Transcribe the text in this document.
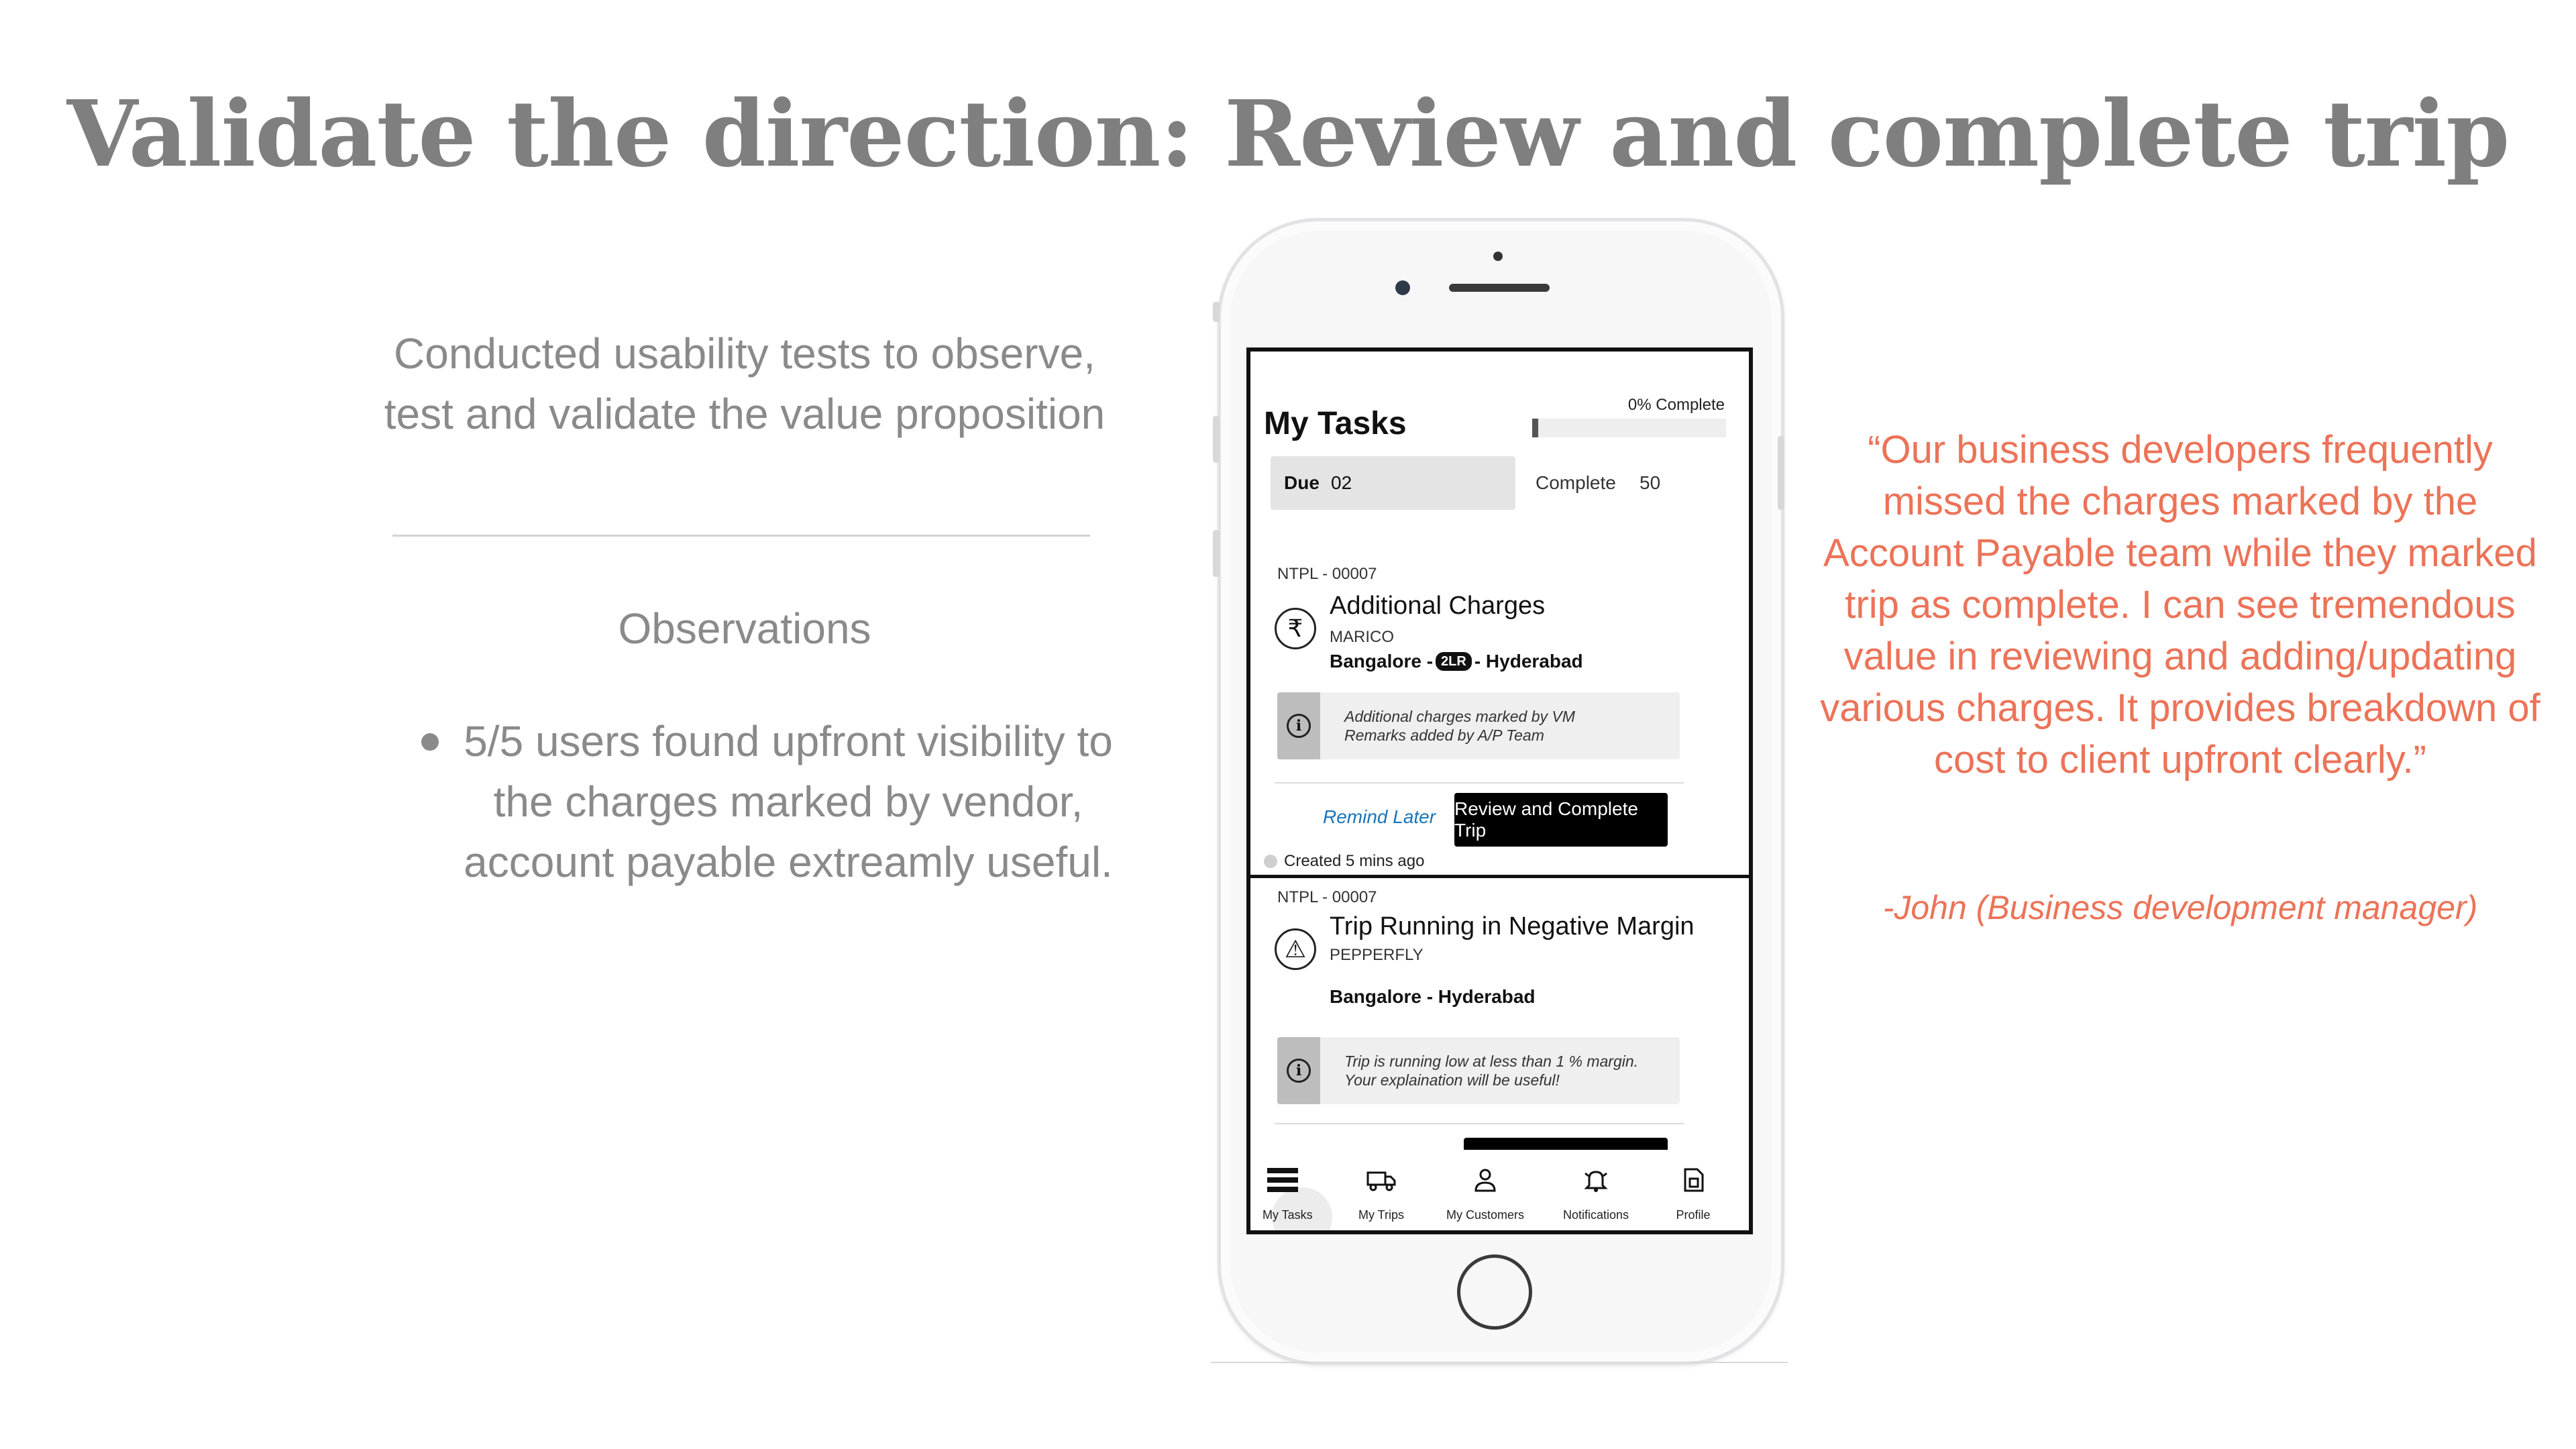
Validate the direction: Review and complete trip
Conducted usability tests to observe, test and validate the value proposition
Observations
5/5 users found upfront visibility to the charges marked by vendor, account payable extreamly useful.
“Our business developers frequently missed the charges marked by the Account Payable team while they marked trip as complete. I can see tremendous value in reviewing and adding/updating various charges. It provides breakdown of cost to client upfront clearly.”
-John (Business development manager)
My Tasks
0% Complete
Due 02	Complete 50
NTPL - 00007
₹
Additional Charges
MARICO
Bangalore - 2LR - Hyderabad
i
Additional charges marked by VM
Remarks added by A/P Team
Remind Later Review and Complete Trip
Created 5 mins ago
NTPL - 00007
⚠
Trip Running in Negative Margin
PEPPERFLY
Bangalore - Hyderabad
i
Trip is running low at less than 1 % margin.
Your explaination will be useful!
My Tasks	My Trips	My Customers	Notifications	Profile
